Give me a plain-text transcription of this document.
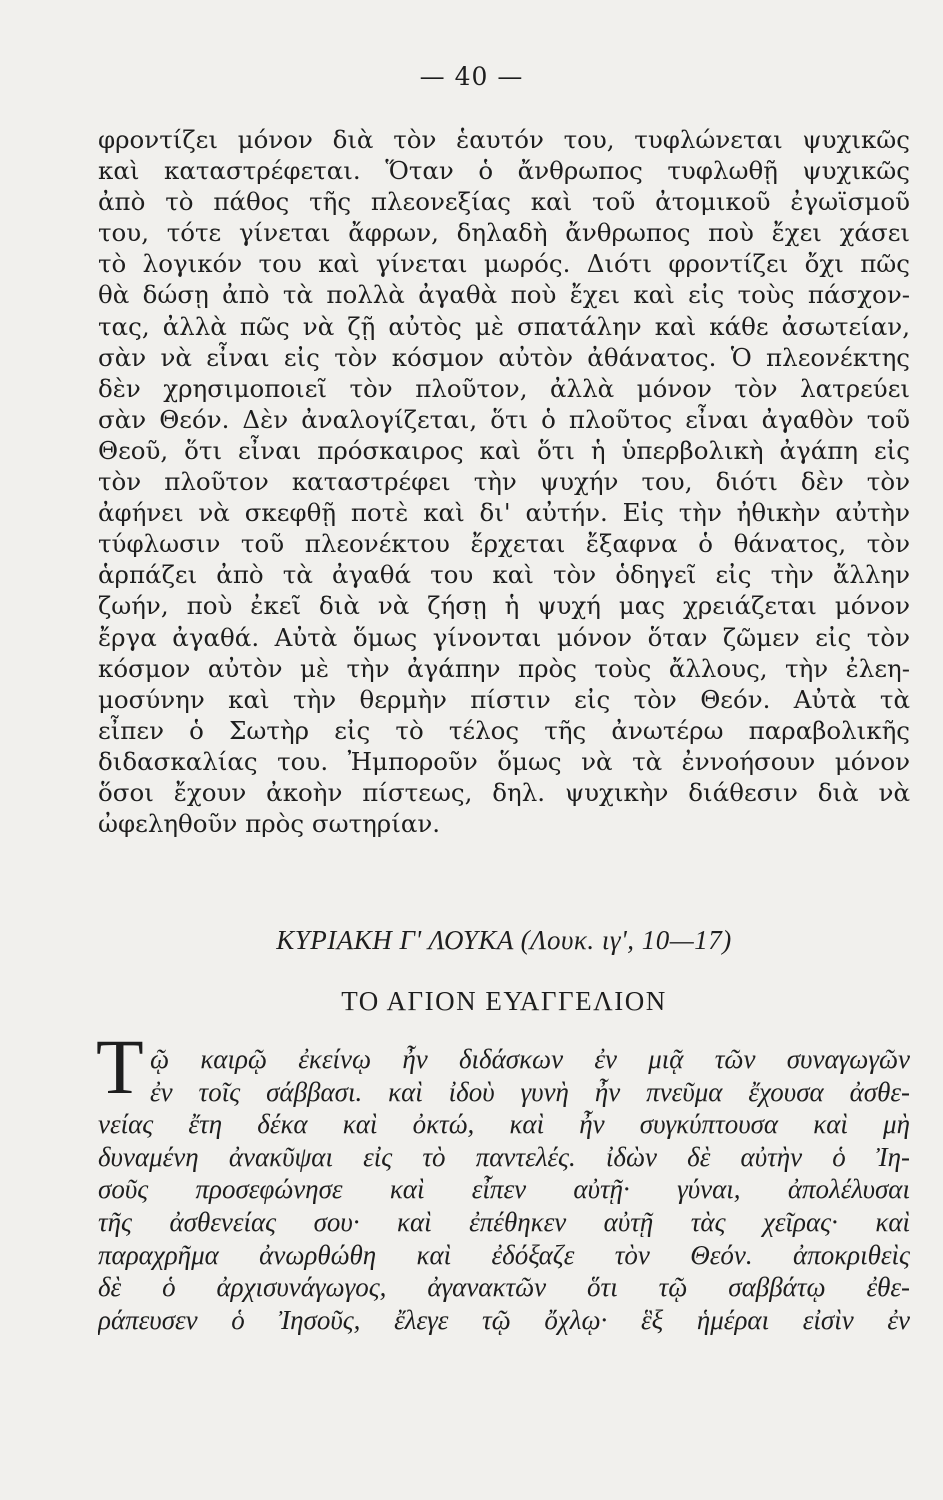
— 40 —
φροντίζει μόνον διὰ τὸν ἑαυτόν του, τυφλώνεται ψυχικῶς
καὶ καταστρέφεται. Ὅταν ὁ ἄνθρωπος τυφλωθῇ ψυχικῶς
ἀπὸ τὸ πάθος τῆς πλεονεξίας καὶ τοῦ ἀτομικοῦ ἐγωϊσμοῦ
του, τότε γίνεται ἄφρων, δηλαδὴ ἄνθρωπος ποὺ ἔχει χάσει
τὸ λογικόν του καὶ γίνεται μωρός. Διότι φροντίζει ὄχι πῶς
θὰ δώσῃ ἀπὸ τὰ πολλὰ ἀγαθὰ ποὺ ἔχει καὶ εἰς τοὺς πάσχον-
τας, ἀλλὰ πῶς νὰ ζῇ αὐτὸς μὲ σπατάλην καὶ κάθε ἀσωτείαν,
σὰν νὰ εἶναι εἰς τὸν κόσμον αὐτὸν ἀθάνατος. Ὁ πλεονέκτης
δὲν χρησιμοποιεῖ τὸν πλοῦτον, ἀλλὰ μόνον τὸν λατρεύει
σὰν Θεόν. Δὲν ἀναλογίζεται, ὅτι ὁ πλοῦτος εἶναι ἀγαθὸν τοῦ
Θεοῦ, ὅτι εἶναι πρόσκαιρος καὶ ὅτι ἡ ὑπερβολικὴ ἀγάπη εἰς
τὸν πλοῦτον καταστρέφει τὴν ψυχήν του, διότι δὲν τὸν
ἀφήνει νὰ σκεφθῇ ποτὲ καὶ δι' αὐτήν. Εἰς τὴν ἠθικὴν αὐτὴν
τύφλωσιν τοῦ πλεονέκτου ἔρχεται ἔξαφνα ὁ θάνατος, τὸν
ἁρπάζει ἀπὸ τὰ ἀγαθά του καὶ τὸν ὁδηγεῖ εἰς τὴν ἄλλην
ζωήν, ποὺ ἐκεῖ διὰ νὰ ζήσῃ ἡ ψυχή μας χρειάζεται μόνον
ἔργα ἀγαθά. Αὐτὰ ὅμως γίνονται μόνον ὅταν ζῶμεν εἰς τὸν
κόσμον αὐτὸν μὲ τὴν ἀγάπην πρὸς τοὺς ἄλλους, τὴν ἐλεη-
μοσύνην καὶ τὴν θερμὴν πίστιν εἰς τὸν Θεόν. Αὐτὰ τὰ
εἶπεν ὁ Σωτὴρ εἰς τὸ τέλος τῆς ἀνωτέρω παραβολικῆς
διδασκαλίας του. Ἠμποροῦν ὅμως νὰ τὰ ἐννοήσουν μόνον
ὅσοι ἔχουν ἀκοὴν πίστεως, δηλ. ψυχικὴν διάθεσιν διὰ νὰ
ὠφεληθοῦν πρὸς σωτηρίαν.
ΚΥΡΙΑΚΗ Γ' ΛΟΥΚΑ (Λουκ. ιγ', 10—17)
ΤΟ ΑΓΙΟΝ ΕΥΑΓΓΕΛΙΟΝ
Τ ῷ καιρῷ ἐκείνῳ ἦν διδάσκων ἐν μιᾷ τῶν συναγωγῶν
ἐν τοῖς σάββασι. καὶ ἰδοὺ γυνὴ ἦν πνεῦμα ἔχουσα ἀσθε-
νείας ἔτη δέκα καὶ ὀκτώ, καὶ ἦν συγκύπτουσα καὶ μὴ
δυναμένη ἀνακῦψαι εἰς τὸ παντελές. ἰδὼν δὲ αὐτὴν ὁ Ἰη-
σοῦς προσεφώνησε καὶ εἶπεν αὐτῇ· γύναι, ἀπολέλυσαι
τῆς ἀσθενείας σου· καὶ ἐπέθηκεν αὐτῇ τὰς χεῖρας· καὶ
παραχρῆμα ἀνωρθώθη καὶ ἐδόξαζε τὸν Θεόν. ἀποκριθεὶς
δὲ ὁ ἀρχισυνάγωγος, ἀγανακτῶν ὅτι τῷ σαββάτῳ ἐθε-
ράπευσεν ὁ Ἰησοῦς, ἔλεγε τῷ ὄχλῳ· ἓξ ἡμέραι εἰσὶν ἐν
